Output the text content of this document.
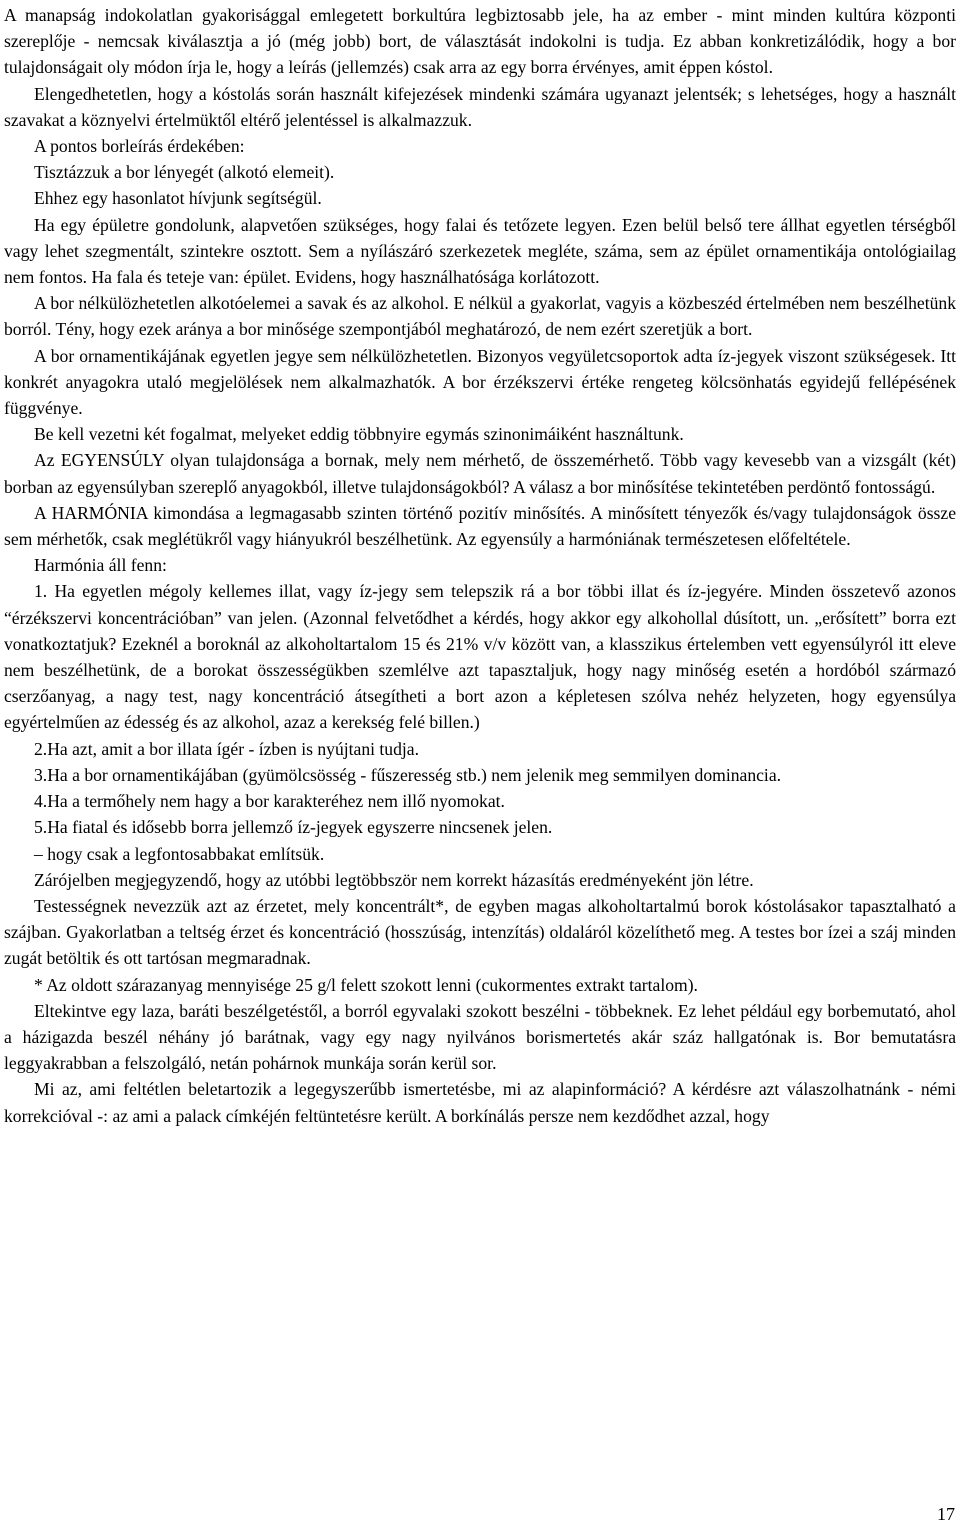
A manapság indokolatlan gyakorisággal emlegetett borkultúra legbiztosabb jele, ha az ember - mint minden kultúra központi szereplője - nemcsak kiválasztja a jó (még jobb) bort, de választását indokolni is tudja. Ez abban konkretizálódik, hogy a bor tulajdonságait oly módon írja le, hogy a leírás (jellemzés) csak arra az egy borra érvényes, amit éppen kóstol.

Elengedhetetlen, hogy a kóstolás során használt kifejezések mindenki számára ugyanazt jelentsék; s lehetséges, hogy a használt szavakat a köznyelvi értelmüktől eltérő jelentéssel is alkalmazzuk.

A pontos borleírás érdekében:

Tisztázzuk a bor lényegét (alkotó elemeit).

Ehhez egy hasonlatot hívjunk segítségül.

Ha egy épületre gondolunk, alapvetően szükséges, hogy falai és tetőzete legyen. Ezen belül belső tere állhat egyetlen térségből vagy lehet szegmentált, szintekre osztott. Sem a nyílászáró szerkezetek megléte, száma, sem az épület ornamentikája ontológiailag nem fontos. Ha fala és teteje van: épület. Evidens, hogy használhatósága korlátozott.

A bor nélkülözhetetlen alkotóelemei a savak és az alkohol. E nélkül a gyakorlat, vagyis a közbeszéd értelmében nem beszélhetünk borról. Tény, hogy ezek aránya a bor minősége szempontjából meghatározó, de nem ezért szeretjük a bort.

A bor ornamentikájának egyetlen jegye sem nélkülözhetetlen. Bizonyos vegyületcsoportok adta íz-jegyek viszont szükségesek. Itt konkrét anyagokra utaló megjelölések nem alkalmazhatók. A bor érzékszervi értéke rengeteg kölcsönhatás egyidejű fellépésének függvénye.

Be kell vezetni két fogalmat, melyeket eddig többnyire egymás szinonimáiként használtunk.

Az EGYENSÚLY olyan tulajdonsága a bornak, mely nem mérhető, de összemérhető. Több vagy kevesebb van a vizsgált (két) borban az egyensúlyban szereplő anyagokból, illetve tulajdonságokból? A válasz a bor minősítése tekintetében perdöntő fontosságú.

A HARMÓNIA kimondása a legmagasabb szinten történő pozitív minősítés. A minősített tényezők és/vagy tulajdonságok össze sem mérhetők, csak meglétükről vagy hiányukról beszélhetünk. Az egyensúly a harmóniának természetesen előfeltétele.

Harmónia áll fenn:

1. Ha egyetlen mégoly kellemes illat, vagy íz-jegy sem telepszik rá a bor többi illat és íz-jegyére. Minden összetevő azonos “érzékszervi koncentrációban” van jelen. (Azonnal felvetődhet a kérdés, hogy akkor egy alkohollal dúsított, un. „erősített” borra ezt vonatkoztatjuk? Ezeknél a boroknál az alkoholtartalom 15 és 21% v/v között van, a klasszikus értelemben vett egyensúlyról itt eleve nem beszélhetünk, de a borokat összességükben szemlélve azt tapasztaljuk, hogy nagy minőség esetén a hordóból származó cserzőanyag, a nagy test, nagy koncentráció átsegítheti a bort azon a képletesen szólva nehéz helyzeten, hogy egyensúlya egyértelműen az édesség és az alkohol, azaz a kerekség felé billen.)

2.Ha azt, amit a bor illata ígér - ízben is nyújtani tudja.

3.Ha a bor ornamentikájában (gyümölcsösség - fűszeresség stb.) nem jelenik meg semmilyen dominancia.

4.Ha a termőhely nem hagy a bor karakteréhez nem illő nyomokat.

5.Ha fiatal és idősebb borra jellemző íz-jegyek egyszerre nincsenek jelen.

– hogy csak a legfontosabbakat említsük.

Zárójelben megjegyzendő, hogy az utóbbi legtöbbször nem korrekt házasítás eredményeként jön létre.

Testességnek nevezzük azt az érzetet, mely koncentrált*, de egyben magas alkoholtartalmú borok kóstolásakor tapasztalható a szájban. Gyakorlatban a teltség érzet és koncentráció (hosszúság, intenzítás) oldaláról közelíthető meg. A testes bor ízei a száj minden zugát betöltik és ott tartósan megmaradnak.

* Az oldott szárazanyag mennyisége 25 g/l felett szokott lenni (cukormentes extrakt tartalom).

Eltekintve egy laza, baráti beszélgetéstől, a borról egyvalaki szokott beszélni - többeknek. Ez lehet például egy borbemutató, ahol a házigazda beszél néhány jó barátnak, vagy egy nagy nyilvános borismertetés akár száz hallgatónak is. Bor bemutatásra leggyakrabban a felszolgáló, netán pohárnok munkája során kerül sor.

Mi az, ami feltétlen beletartozik a legegyszerűbb ismertetésbe, mi az alapinformáció? A kérdésre azt válaszolhatnánk - némi korrekcióval -: az ami a palack címkéjén feltüntetésre került. A borkínálás persze nem kezdődhet azzal, hogy

17
